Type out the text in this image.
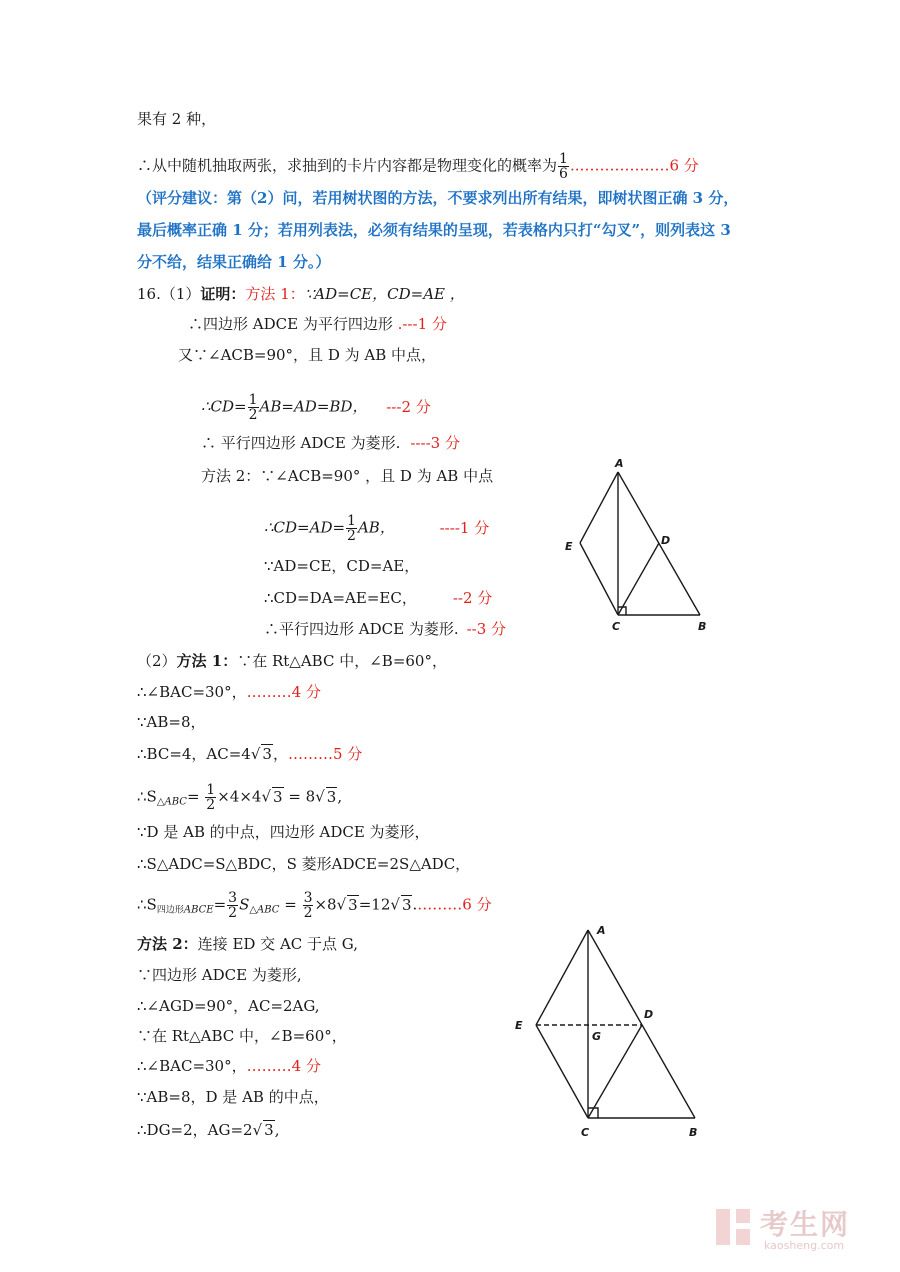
果有 2 种，
∴从中随机抽取两张，求抽到的卡片内容都是物理变化的概率为 $\frac{1}{6}$ ..………………6 分
（评分建议：第（2）问，若用树状图的方法，不要求列出所有结果，即树状图正确 3 分，
最后概率正确 1 分；若用列表法，必须有结果的呈现，若表格内只打“勾叉”，则列表这 3
分不给，结果正确给 1 分。）
16.（1）证明：方法 1：∵AD=CE，CD=AE ，
∴四边形 ADCE 为平行四边形 .---1 分
又∵∠ACB=90°，且 D 为 AB 中点，
∴CD= $\frac{1}{2} AB=AD=BD$， ---2 分
∴ 平行四边形 ADCE 为菱形. ----3 分
方法 2：∵∠ACB=90° ，且 D 为 AB 中点
∴CD=AD= $\frac{1}{2}$ AB，	----1 分
∵AD=CE，CD=AE，
∴CD=DA=AE=EC， --2 分
∴平行四边形 ADCE 为菱形. --3 分
A
E	D
C	B
（2）方法 1：∵在 Rt△ABC 中，∠B=60°，
∴∠BAC=30°，………4 分
∵AB=8，
∴BC=4，AC=4√ 3，………5 分
$\therefore S_{\triangle ABC}= \frac{1}{2} \times 4\times 4√$ 3 = 8√ 3,
∵D 是 AB 的中点，四边形 ADCE 为菱形，
∴S△ADC=S△BDC，S 菱形ADCE=2S△ADC，
$\therefore S_{四边形ABCE}= \frac{3}{2} S_{\triangle ABC} = \frac{3}{2} \times 8√$ 3=12√ 3.………6 分
方法 2：连接 ED 交 AC 于点 G,
∵四边形 ADCE 为菱形,
∴∠AGD=90°，AC=2AG,
∵在 Rt△ABC 中，∠B=60°，
∴∠BAC=30°，………4 分
∵AB=8，D 是 AB 的中点，
∴DG=2，AG=2√ 3,
A
E
D
G
C	B
考生网
kaosheng.com
